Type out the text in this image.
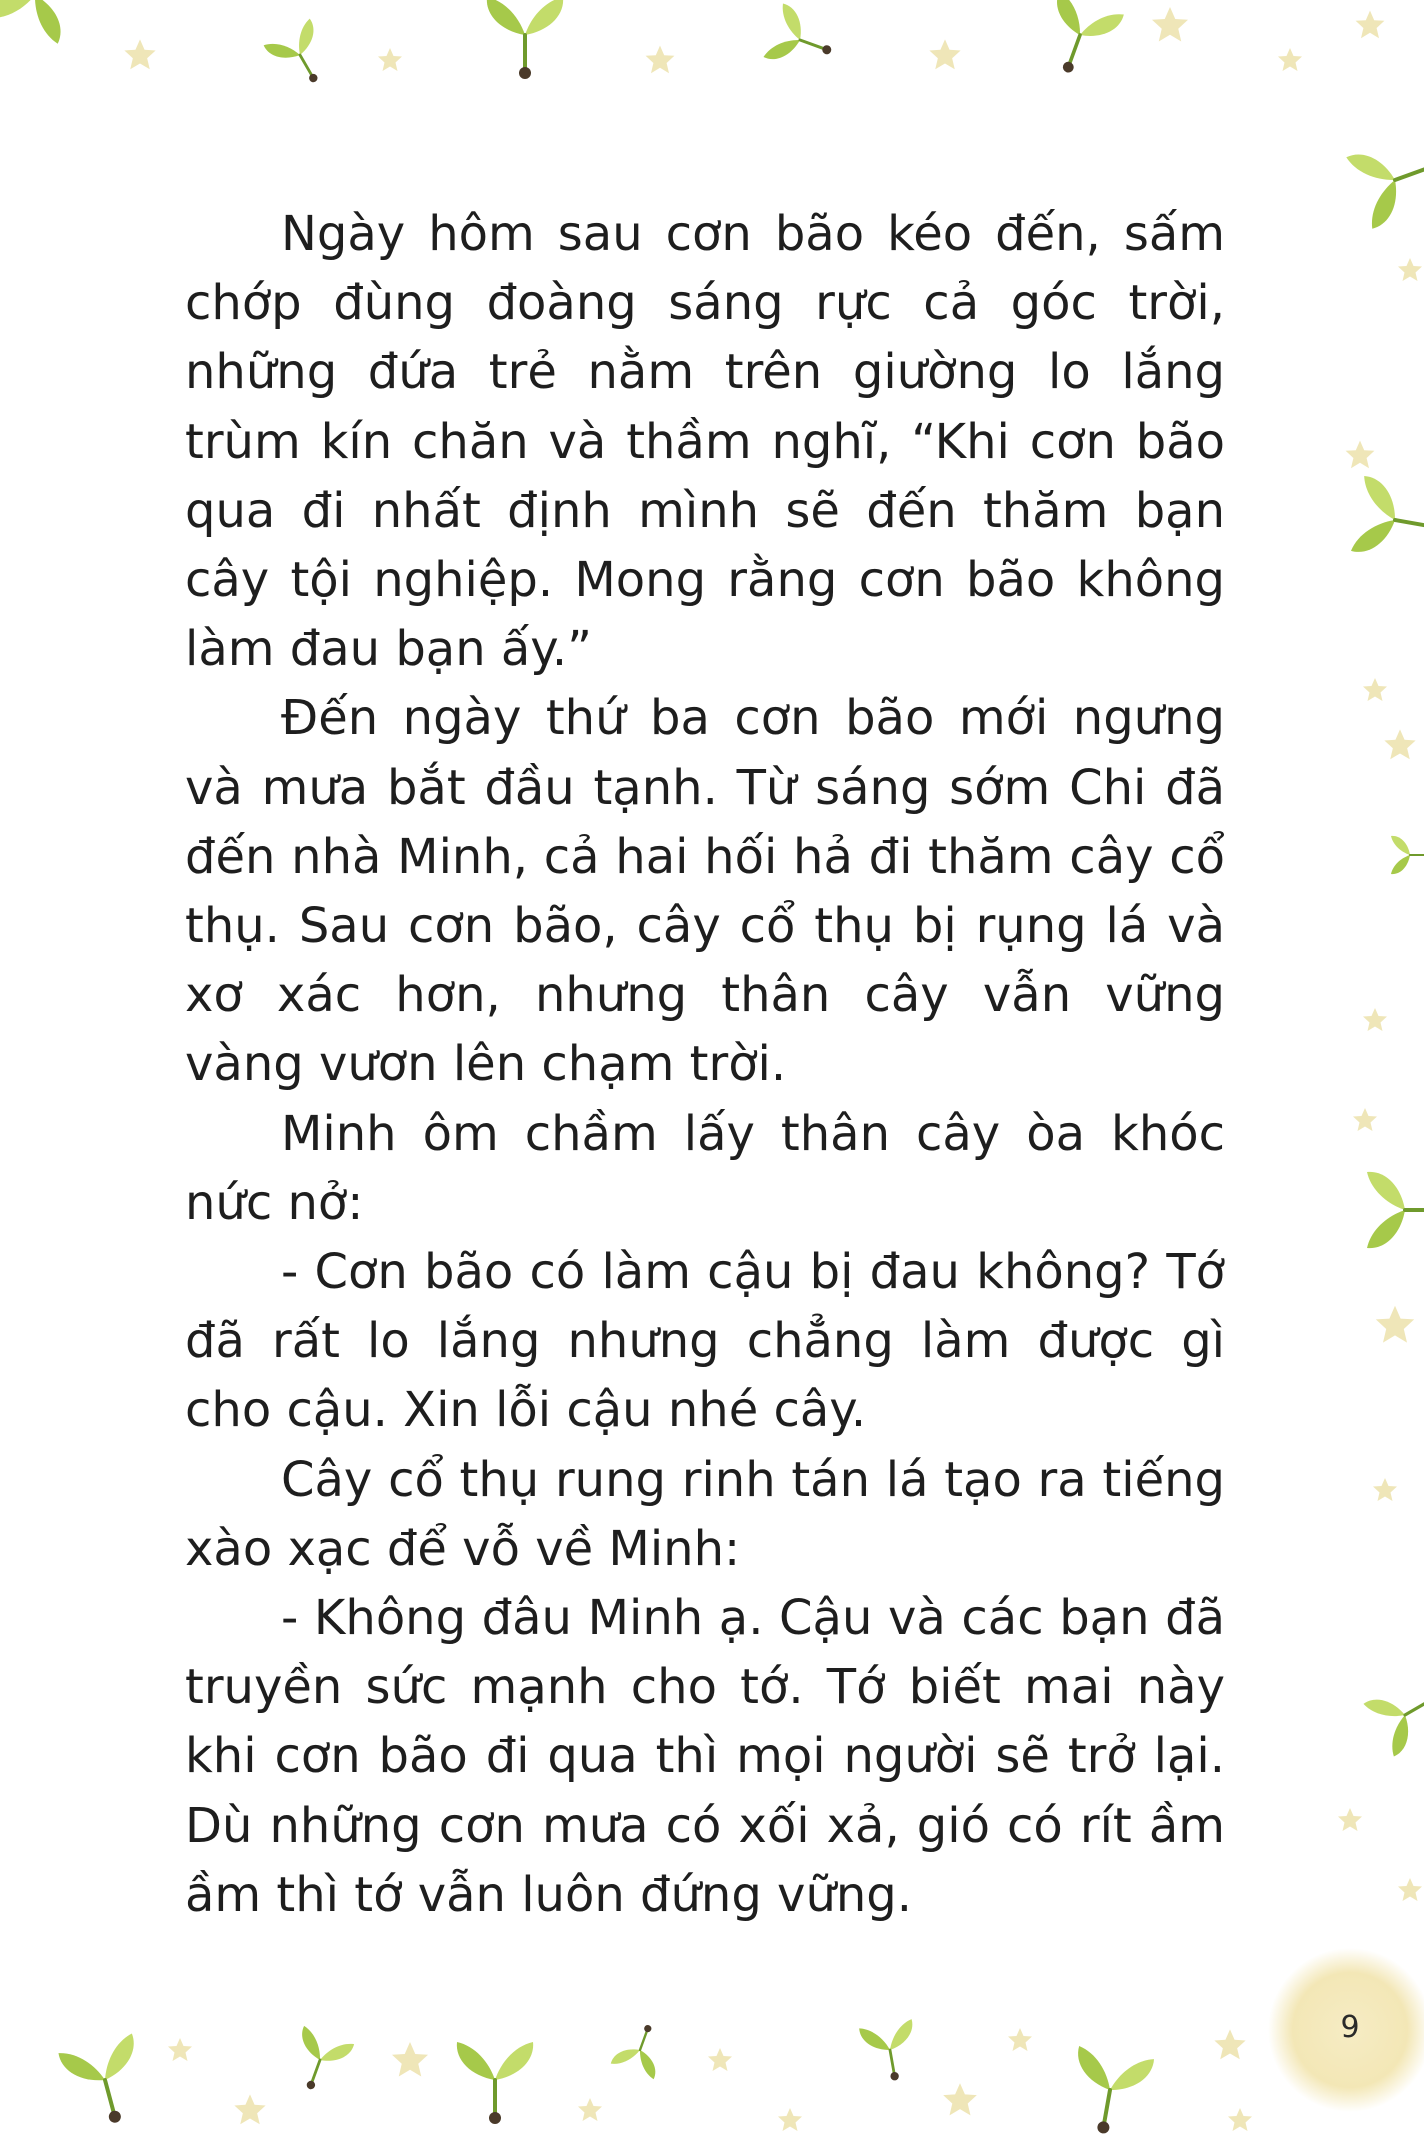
Ngày hôm sau cơn bão kéo đến, sấm chớp đùng đoàng sáng rực cả góc trời, những đứa trẻ nằm trên giường lo lắng trùm kín chăn và thầm nghĩ, “Khi cơn bão qua đi nhất định mình sẽ đến thăm bạn cây tội nghiệp. Mong rằng cơn bão không làm đau bạn ấy.”

Đến ngày thứ ba cơn bão mới ngưng và mưa bắt đầu tạnh. Từ sáng sớm Chi đã đến nhà Minh, cả hai hối hả đi thăm cây cổ thụ. Sau cơn bão, cây cổ thụ bị rụng lá và xơ xác hơn, nhưng thân cây vẫn vững vàng vươn lên chạm trời.

Minh ôm chầm lấy thân cây òa khóc nức nở:

- Cơn bão có làm cậu bị đau không? Tớ đã rất lo lắng nhưng chẳng làm được gì cho cậu. Xin lỗi cậu nhé cây.

Cây cổ thụ rung rinh tán lá tạo ra tiếng xào xạc để vỗ về Minh:

- Không đâu Minh ạ. Cậu và các bạn đã truyền sức mạnh cho tớ. Tớ biết mai này khi cơn bão đi qua thì mọi người sẽ trở lại. Dù những cơn mưa có xối xả, gió có rít ầm ầm thì tớ vẫn luôn đứng vững.

9
